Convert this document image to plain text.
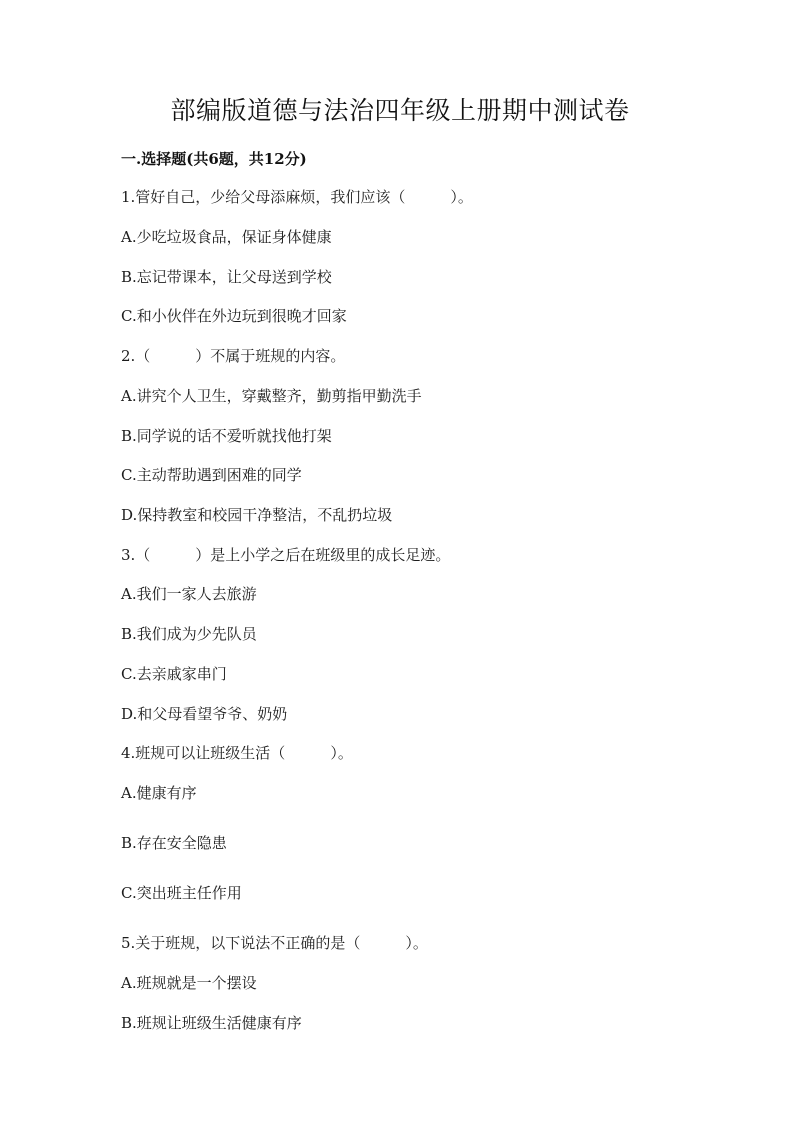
部编版道德与法治四年级上册期中测试卷
一.选择题(共6题，共12分)
1.管好自己，少给父母添麻烦，我们应该（　　　）。
A.少吃垃圾食品，保证身体健康
B.忘记带课本，让父母送到学校
C.和小伙伴在外边玩到很晚才回家
2.（　　　）不属于班规的内容。
A.讲究个人卫生，穿戴整齐，勤剪指甲勤洗手
B.同学说的话不爱听就找他打架
C.主动帮助遇到困难的同学
D.保持教室和校园干净整洁，不乱扔垃圾
3.（　　　）是上小学之后在班级里的成长足迹。
A.我们一家人去旅游
B.我们成为少先队员
C.去亲戚家串门
D.和父母看望爷爷、奶奶
4.班规可以让班级生活（　　　）。
A.健康有序
B.存在安全隐患
C.突出班主任作用
5.关于班规，以下说法不正确的是（　　　）。
A.班规就是一个摆设
B.班规让班级生活健康有序
